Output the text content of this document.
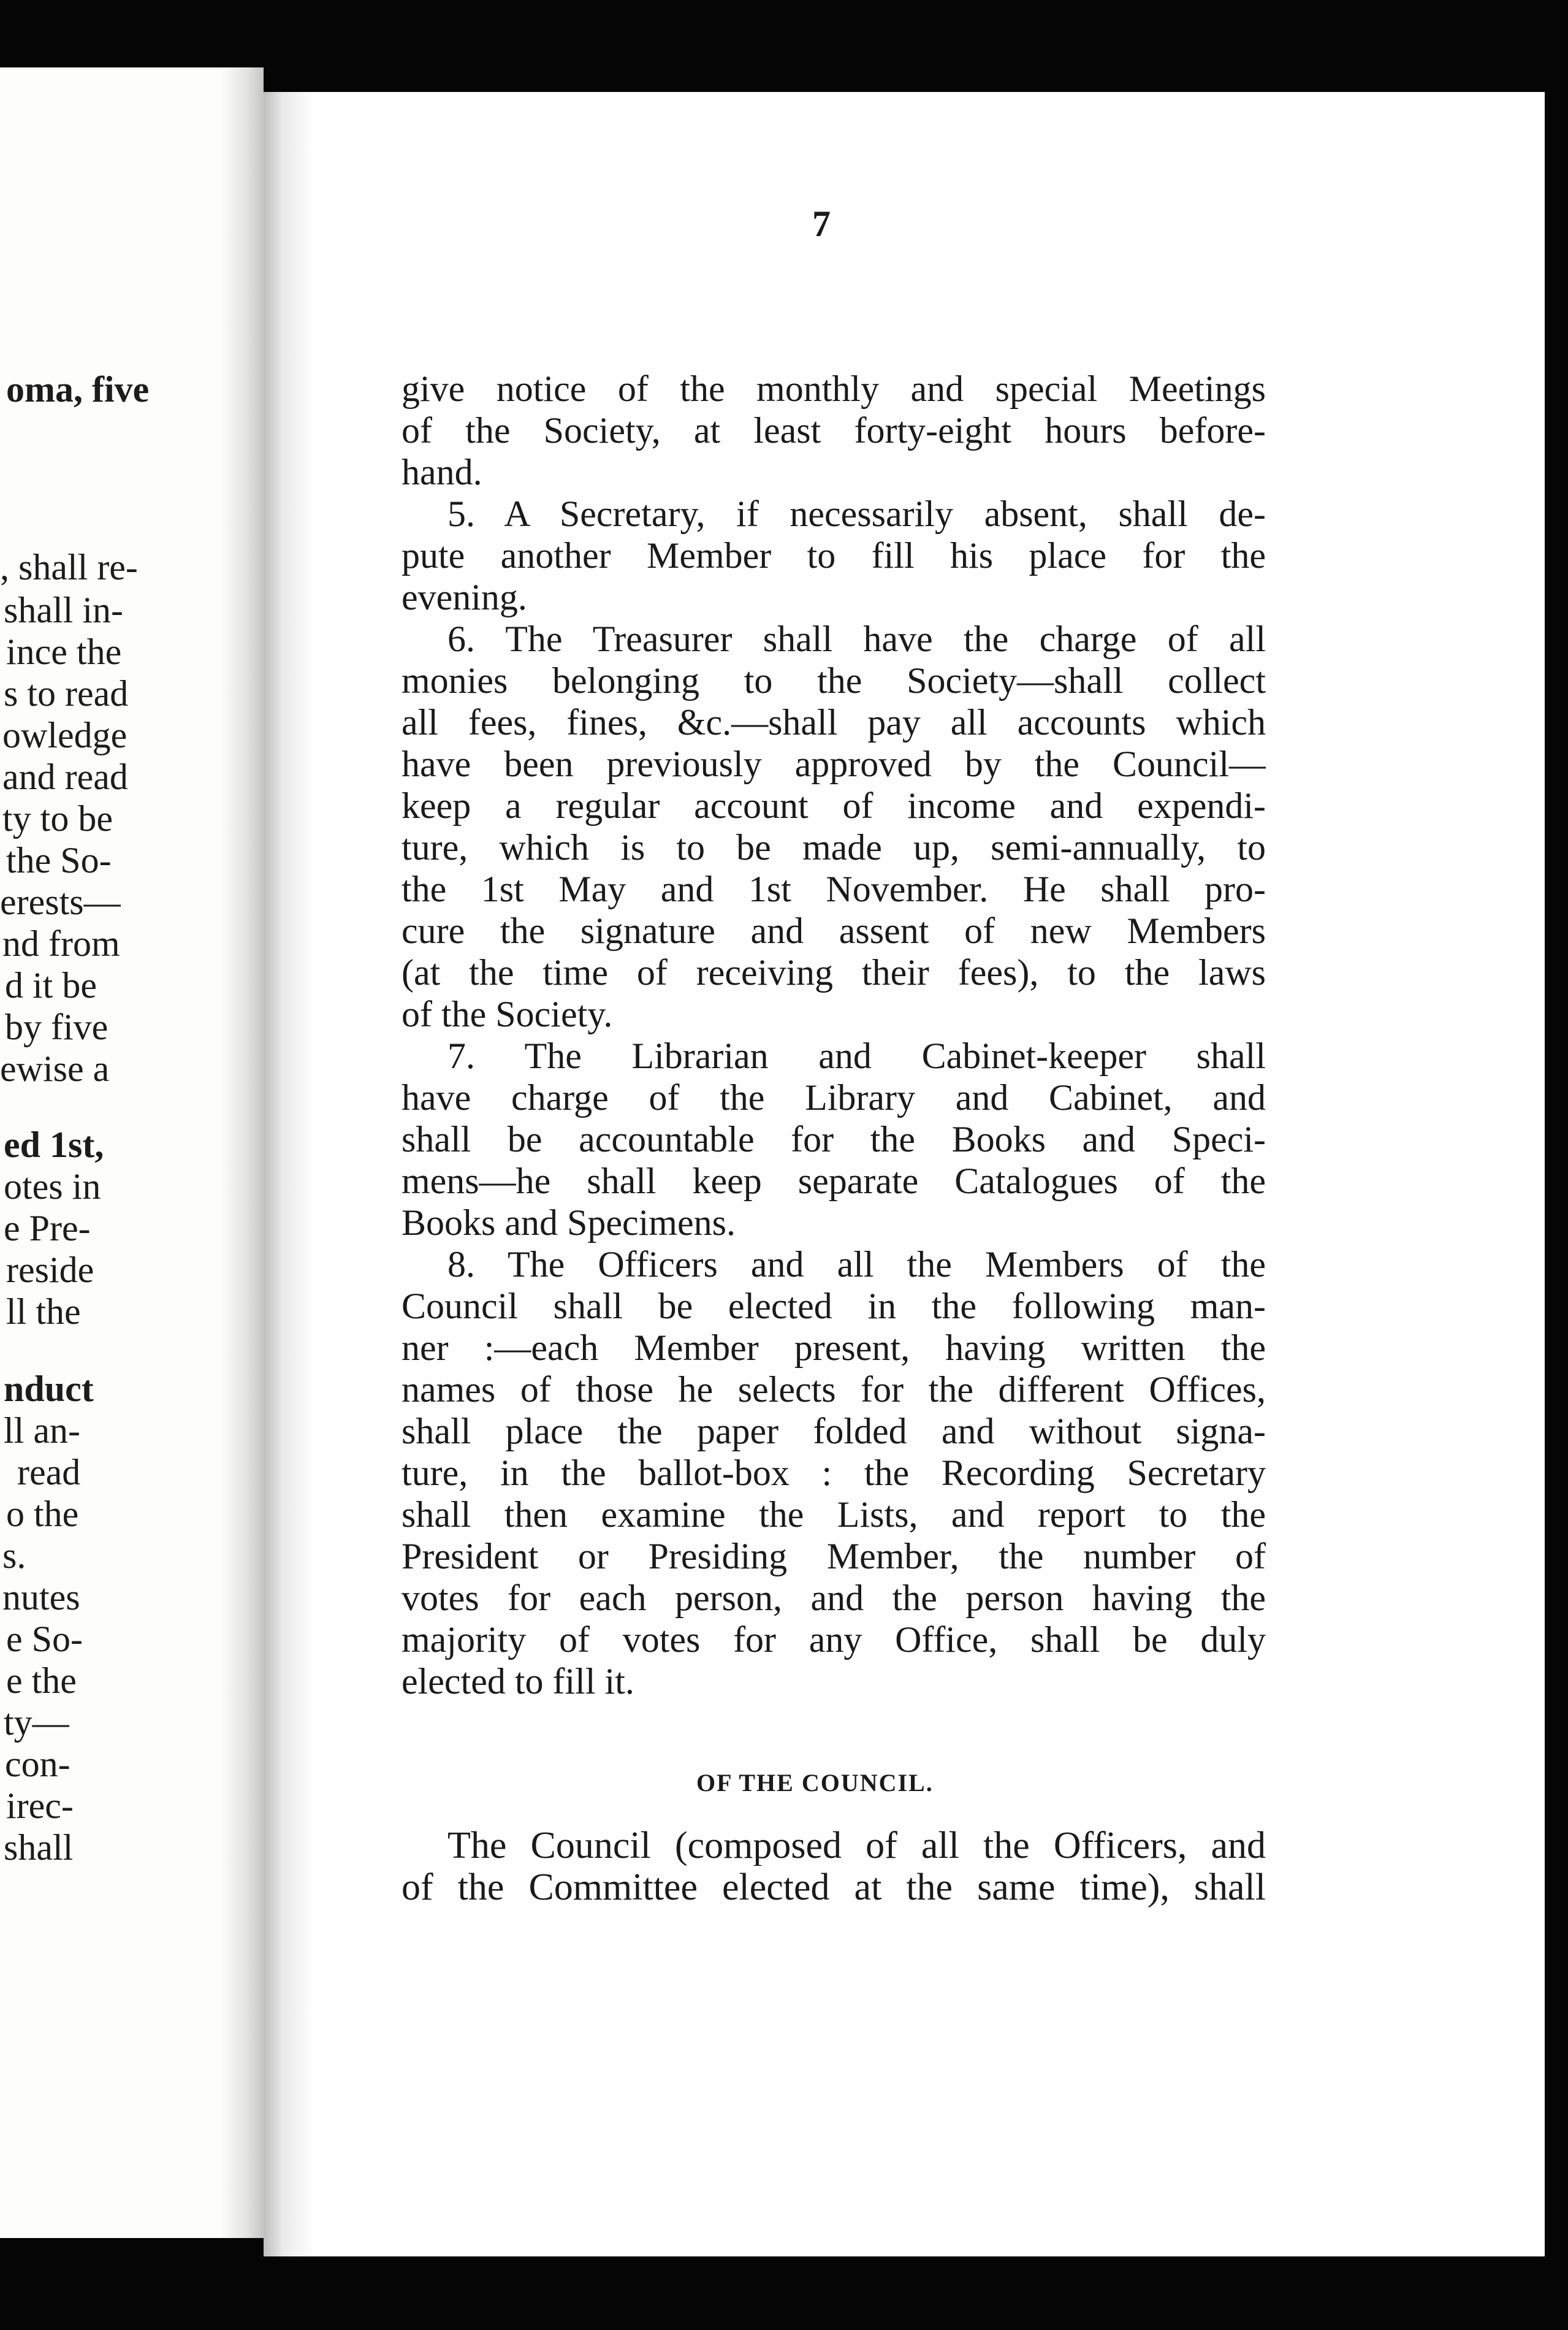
oma, five
, shall re-
shall in-
ince the
s to read
owledge
and read
ty to be
the So-
erests—
nd from
d it be
by five
ewise a
ed 1st,
otes in
e Pre-
reside
ll the
nduct
ll an-
read
o the
s.
nutes
e So-
e the
ty—
con-
irec-
shall
7
give notice of the monthly and special Meetings
of the Society, at least forty-eight hours before-
hand.
5. A Secretary, if necessarily absent, shall de-
pute another Member to fill his place for the
evening.
6. The Treasurer shall have the charge of all
monies belonging to the Society—shall collect
all fees, fines, &c.—shall pay all accounts which
have been previously approved by the Council—
keep a regular account of income and expendi-
ture, which is to be made up, semi-annually, to
the 1st May and 1st November. He shall pro-
cure the signature and assent of new Members
(at the time of receiving their fees), to the laws
of the Society.
7. The Librarian and Cabinet-keeper shall
have charge of the Library and Cabinet, and
shall be accountable for the Books and Speci-
mens—he shall keep separate Catalogues of the
Books and Specimens.
8. The Officers and all the Members of the
Council shall be elected in the following man-
ner :—each Member present, having written the
names of those he selects for the different Offices,
shall place the paper folded and without signa-
ture, in the ballot-box : the Recording Secretary
shall then examine the Lists, and report to the
President or Presiding Member, the number of
votes for each person, and the person having the
majority of votes for any Office, shall be duly
elected to fill it.
OF THE COUNCIL.
The Council (composed of all the Officers, and
of the Committee elected at the same time), shall
